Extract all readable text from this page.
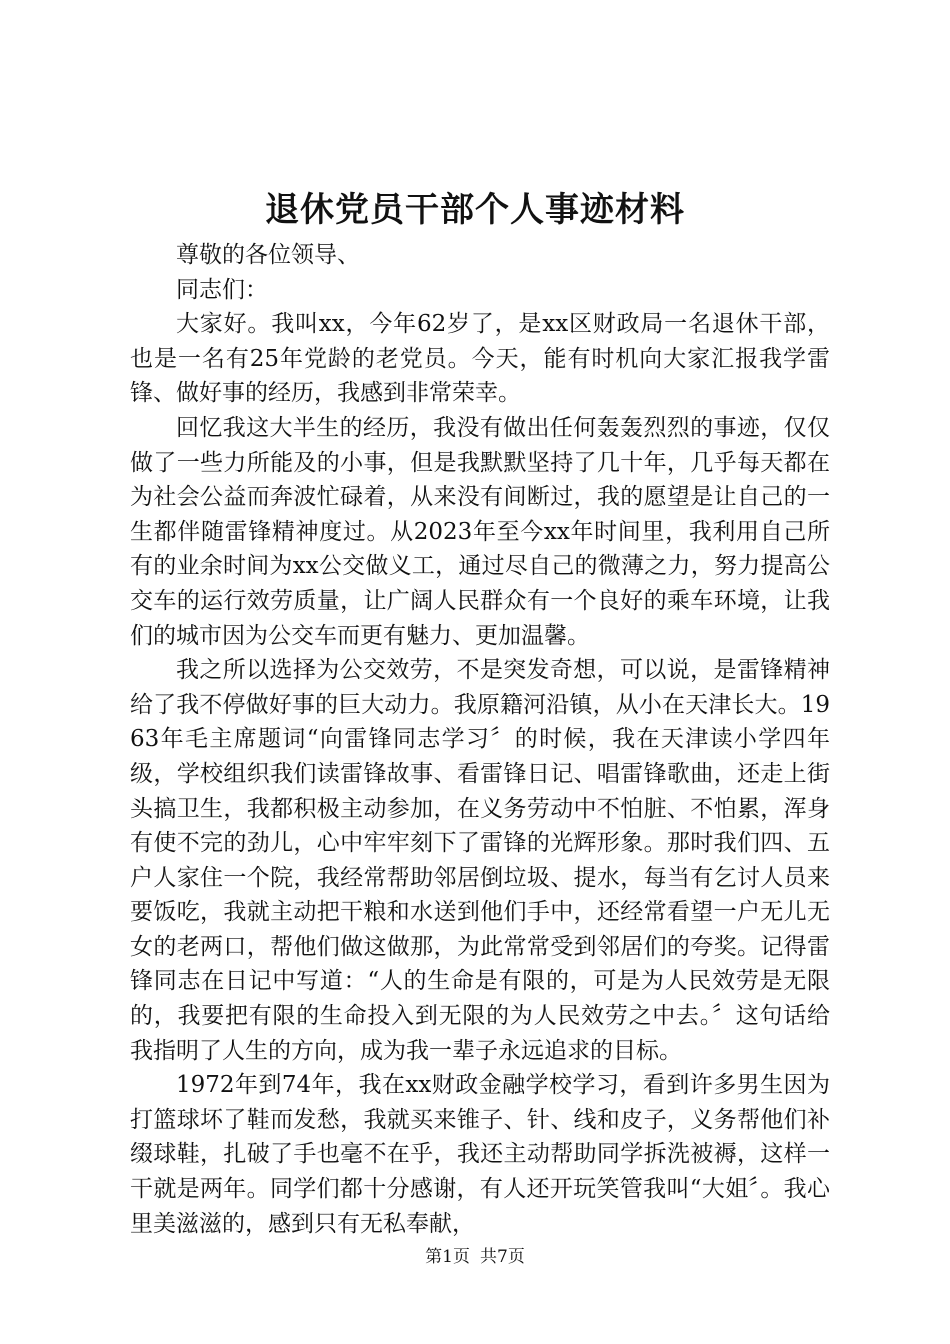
退休党员干部个人事迹材料

尊敬的各位领导、

同志们：

大家好。我叫xx，今年62岁了，是xx区财政局一名退休干部，也是一名有25年党龄的老党员。今天，能有时机向大家汇报我学雷锋、做好事的经历，我感到非常荣幸。

回忆我这大半生的经历，我没有做出任何轰轰烈烈的事迹，仅仅做了一些力所能及的小事，但是我默默坚持了几十年，几乎每天都在为社会公益而奔波忙碌着，从来没有间断过，我的愿望是让自己的一生都伴随雷锋精神度过。从2023年至今xx年时间里，我利用自己所有的业余时间为xx公交做义工，通过尽自己的微薄之力，努力提高公交车的运行效劳质量，让广阔人民群众有一个良好的乘车环境，让我们的城市因为公交车而更有魅力、更加温馨。

我之所以选择为公交效劳，不是突发奇想，可以说，是雷锋精神给了我不停做好事的巨大动力。我原籍河沿镇，从小在天津长大。1963年毛主席题词“向雷锋同志学习〞的时候，我在天津读小学四年级，学校组织我们读雷锋故事、看雷锋日记、唱雷锋歌曲，还走上街头搞卫生，我都积极主动参加，在义务劳动中不怕脏、不怕累，浑身有使不完的劲儿，心中牢牢刻下了雷锋的光辉形象。那时我们四、五户人家住一个院，我经常帮助邻居倒垃圾、提水，每当有乞讨人员来要饭吃，我就主动把干粮和水送到他们手中，还经常看望一户无儿无女的老两口，帮他们做这做那，为此常常受到邻居们的夸奖。记得雷锋同志在日记中写道：“人的生命是有限的，可是为人民效劳是无限的，我要把有限的生命投入到无限的为人民效劳之中去。〞这句话给我指明了人生的方向，成为我一辈子永远追求的目标。

1972年到74年，我在xx财政金融学校学习，看到许多男生因为打篮球坏了鞋而发愁，我就买来锥子、针、线和皮子，义务帮他们补缀球鞋，扎破了手也毫不在乎，我还主动帮助同学拆洗被褥，这样一干就是两年。同学们都十分感谢，有人还开玩笑管我叫“大姐〞。我心里美滋滋的，感到只有无私奉献，

第1页 共7页
